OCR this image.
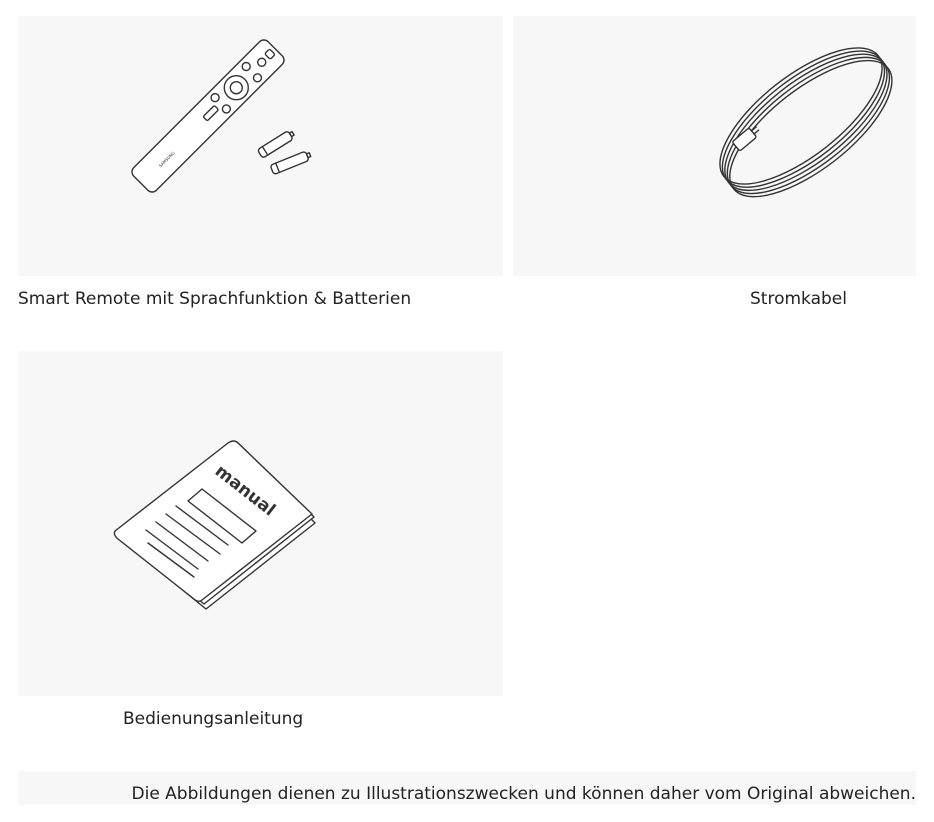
SAMSUNG
Smart Remote mit Sprachfunktion & Batterien	Stromkabel
manual
Bedienungsanleitung
Die Abbildungen dienen zu Illustrationszwecken und können daher vom Original abweichen.
